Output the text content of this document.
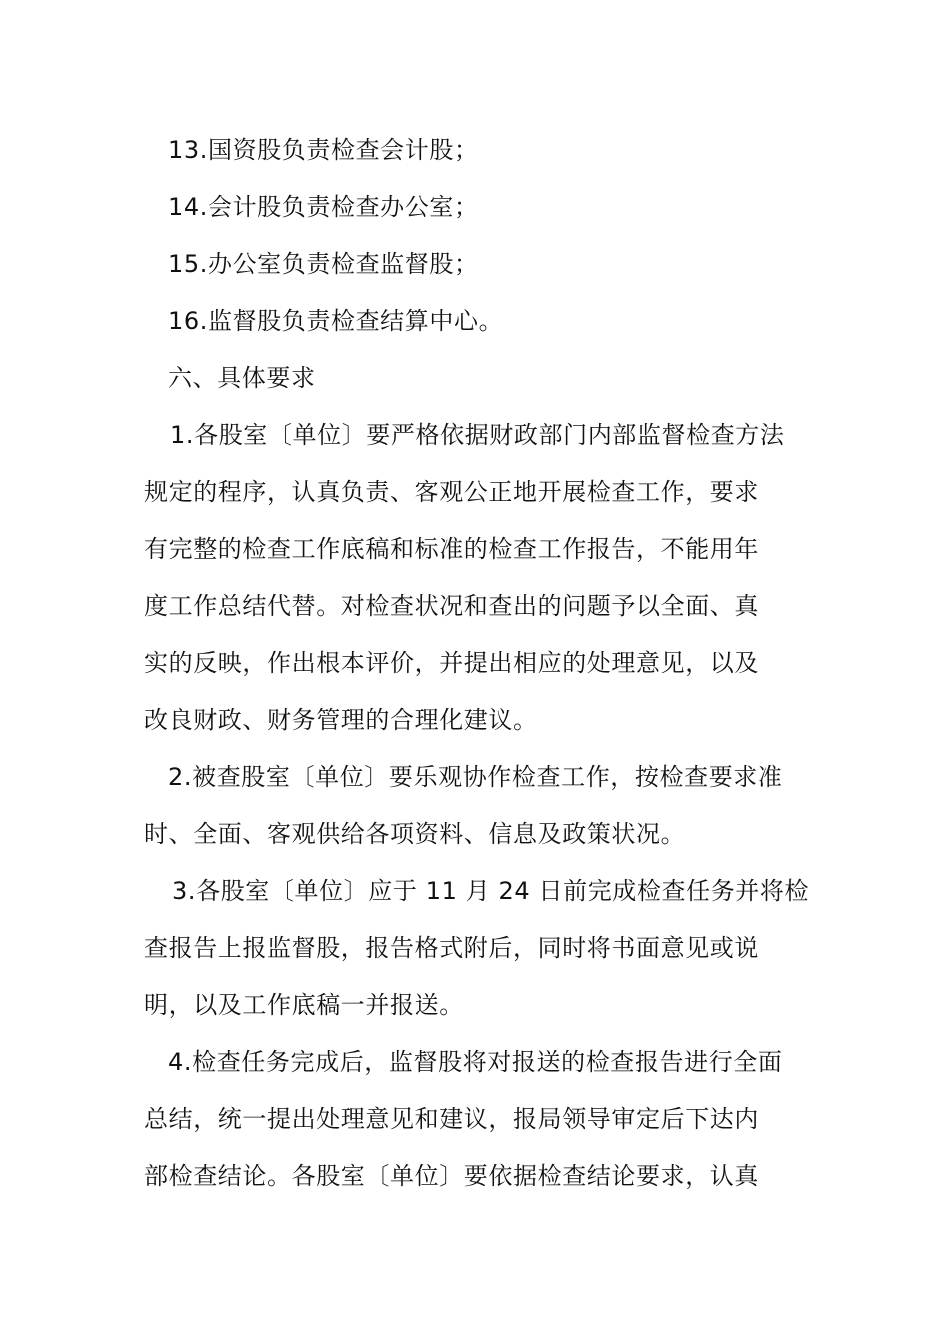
13.国资股负责检查会计股；
14.会计股负责检查办公室；
15.办公室负责检查监督股；
16.监督股负责检查结算中心。
六、具体要求
1.各股室〔单位〕要严格依据财政部门内部监督检查方法
规定的程序，认真负责、客观公正地开展检查工作，要求
有完整的检查工作底稿和标准的检查工作报告，不能用年
度工作总结代替。对检查状况和查出的问题予以全面、真
实的反映，作出根本评价，并提出相应的处理意见，以及
改良财政、财务管理的合理化建议。
2.被查股室〔单位〕要乐观协作检查工作，按检查要求准
时、全面、客观供给各项资料、信息及政策状况。
3.各股室〔单位〕应于 11 月 24 日前完成检查任务并将检
查报告上报监督股，报告格式附后，同时将书面意见或说
明，以及工作底稿一并报送。
4.检查任务完成后，监督股将对报送的检查报告进行全面
总结，统一提出处理意见和建议，报局领导审定后下达内
部检查结论。各股室〔单位〕要依据检查结论要求，认真
